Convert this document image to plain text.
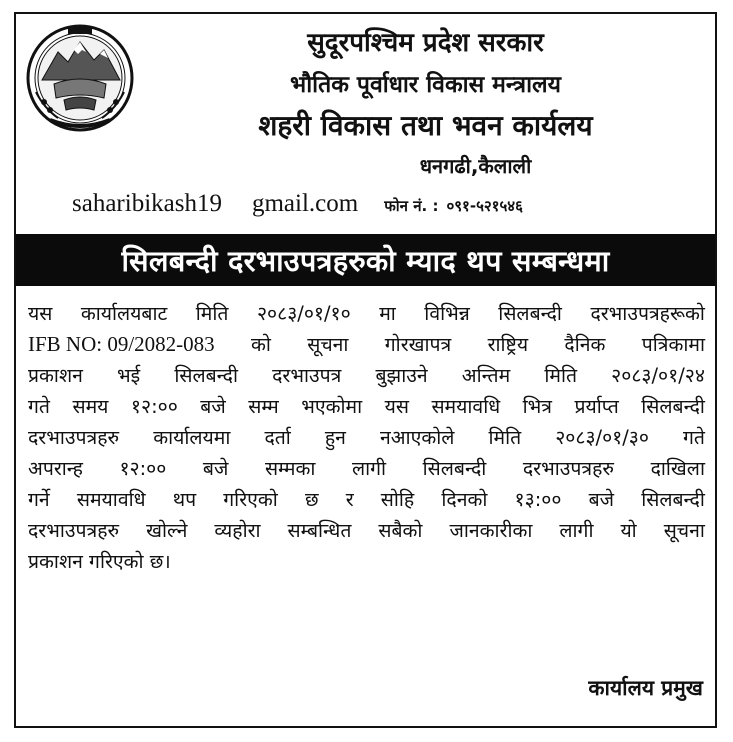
सुदूरपश्चिम प्रदेश सरकार
भौतिक पूर्वाधार विकास मन्त्रालय
शहरी विकास तथा भवन कार्यलय
धनगढी,कैलाली
saharibikash19 gmail.com फोन नं. : ०९१-५२१५४६
सिलबन्दी दरभाउपत्रहरुको म्याद थप सम्बन्धमा
यस कार्यालयबाट मिति २०८३/०१/१० मा विभिन्न सिलबन्दी दरभाउपत्रहरूको
IFB NO: 09/2082-083 को सूचना गोरखापत्र राष्ट्रिय दैनिक पत्रिकामा
प्रकाशन भई सिलबन्दी दरभाउपत्र बुझाउने अन्तिम मिति २०८३/०१/२४
गते समय १२:०० बजे सम्म भएकोमा यस समयावधि भित्र प्रर्याप्त सिलबन्दी
दरभाउपत्रहरु कार्यालयमा दर्ता हुन नआएकोले मिति २०८३/०१/३० गते
अपरान्ह १२:०० बजे सम्मका लागी सिलबन्दी दरभाउपत्रहरु दाखिला
गर्ने समयावधि थप गरिएको छ र सोहि दिनको १३:०० बजे सिलबन्दी
दरभाउपत्रहरु खोल्ने व्यहोरा सम्बन्धित सबैको जानकारीका लागी यो सूचना
प्रकाशन गरिएको छ।
कार्यालय प्रमुख
